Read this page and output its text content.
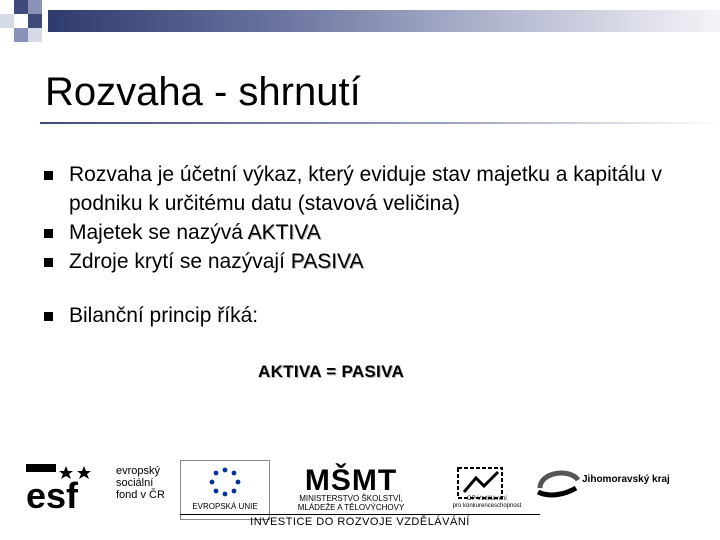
Rozvaha - shrnutí
Rozvaha je účetní výkaz, který eviduje stav majetku a kapitálu v podniku k určitému datu (stavová veličina)
Majetek se nazývá AKTIVA
Zdroje krytí se nazývají PASIVA
Bilanční princip říká:
AKTIVA = PASIVA
esf
evropský
sociální
fond v ČR
EVROPSKÁ UNIE
MŠMT
MINISTERSTVO ŠKOLSTVÍ,
MLÁDEŽE A TĚLOVÝCHOVY
OP Vzdělávání
pro konkurenceschopnost
Jihomoravský kraj
INVESTICE DO ROZVOJE VZDĚLÁVÁNÍ
